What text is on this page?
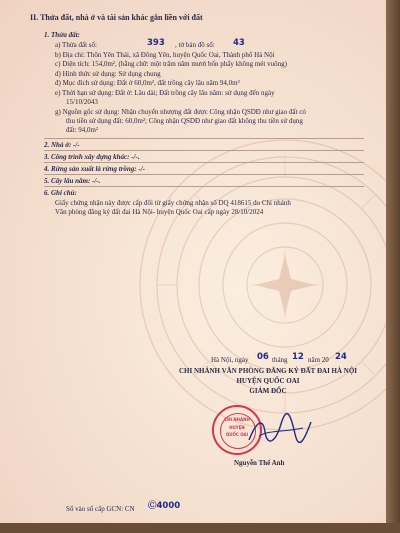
II. Thửa đất, nhà ở và tài sản khác gắn liền với đất
1. Thửa đất:
a) Thửa đất số:	393 , tờ bản đồ số: 43
b) Địa chỉ: Thôn Yên Thái, xã Đông Yên, huyện Quốc Oai, Thành phố Hà Nội
c) Diện tích: 154,0m², (bằng chữ: một trăm năm mươi bốn phẩy không mét vuông)
d) Hình thức sử dụng: Sử dụng chung
đ) Mục đích sử dụng: Đất ở 60,0m², đất trồng cây lâu năm 94,0m²
e) Thời hạn sử dụng: Đất ở: Lâu dài; Đất trồng cây lâu năm: sử dụng đến ngày
15/10/2043
g) Nguồn gốc sử dụng: Nhận chuyển nhượng đất được Công nhận QSDĐ như giao đất có
thu tiền sử dụng đất: 60,0m²; Công nhận QSDĐ như giao đất không thu tiền sử dụng
đất: 94,0m²
2. Nhà ở: -/-
3. Công trình xây dựng khác: -/-.
4. Rừng sản xuất là rừng trồng: -/-
5. Cây lâu năm: -/-.
6. Ghi chú:
Giấy chứng nhận này được cấp đổi từ giấy chứng nhận số DQ 418615 do Chi nhánh
Văn phòng đăng ký đất đai Hà Nội- huyện Quốc Oai cấp ngày 28/10/2024
Hà Nội, ngày 06 tháng 12 năm 20 24
CHI NHÁNH VĂN PHÒNG ĐĂNG KÝ ĐẤT ĐAI HÀ NỘI
HUYỆN QUỐC OAI
GIÁM ĐỐC
CHI NHÁNH
HUYỆN
QUỐC OAI
Nguyễn Thế Anh
Số vào sổ cấp GCN: CN Ⓒ4000
